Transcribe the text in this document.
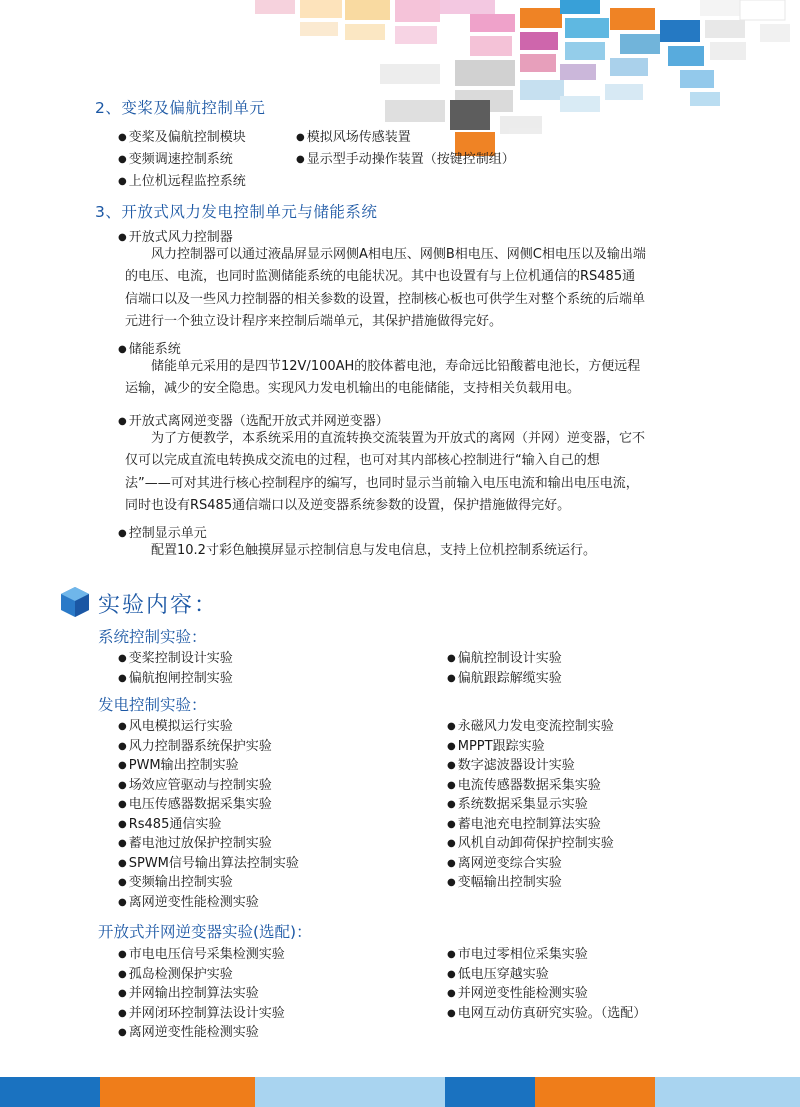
2、变桨及偏航控制单元
● 变桨及偏航控制模块	● 模拟风场传感装置
● 变频调速控制系统	● 显示型手动操作装置（按键控制组）
● 上位机远程监控系统
3、开放式风力发电控制单元与储能系统
● 开放式风力控制器
风力控制器可以通过液晶屏显示网侧A相电压、网侧B相电压、网侧C相电压以及输出端
的电压、电流，也同时监测储能系统的电能状况。其中也设置有与上位机通信的RS485通
信端口以及一些风力控制器的相关参数的设置，控制核心板也可供学生对整个系统的后端单
元进行一个独立设计程序来控制后端单元，其保护措施做得完好。
● 储能系统
储能单元采用的是四节12V/100AH的胶体蓄电池，寿命远比铅酸蓄电池长，方便远程
运输，减少的安全隐患。实现风力发电机输出的电能储能，支持相关负载用电。
● 开放式离网逆变器（选配开放式并网逆变器）
为了方便教学，本系统采用的直流转换交流装置为开放式的离网（并网）逆变器，它不
仅可以完成直流电转换成交流电的过程，也可对其内部核心控制进行“输入自己的想
法”——可对其进行核心控制程序的编写，也同时显示当前输入电压电流和输出电压电流，
同时也设有RS485通信端口以及逆变器系统参数的设置，保护措施做得完好。
● 控制显示单元
配置10.2寸彩色触摸屏显示控制信息与发电信息，支持上位机控制系统运行。
实验内容：
系统控制实验：
● 变桨控制设计实验
● 偏航抱闸控制实验
● 偏航控制设计实验
● 偏航跟踪解缆实验
发电控制实验：
● 风电模拟运行实验
● 风力控制器系统保护实验
● PWM输出控制实验
● 场效应管驱动与控制实验
● 电压传感器数据采集实验
● Rs485通信实验
● 蓄电池过放保护控制实验
● SPWM信号输出算法控制实验
● 变频输出控制实验
● 离网逆变性能检测实验
● 永磁风力发电变流控制实验
● MPPT跟踪实验
● 数字滤波器设计实验
● 电流传感器数据采集实验
● 系统数据采集显示实验
● 蓄电池充电控制算法实验
● 风机自动卸荷保护控制实验
● 离网逆变综合实验
● 变幅输出控制实验
开放式并网逆变器实验(选配)：
● 市电电压信号采集检测实验
● 孤岛检测保护实验
● 并网输出控制算法实验
● 并网闭环控制算法设计实验
● 离网逆变性能检测实验
● 市电过零相位采集实验
● 低电压穿越实验
● 并网逆变性能检测实验
● 电网互动仿真研究实验。（选配）
